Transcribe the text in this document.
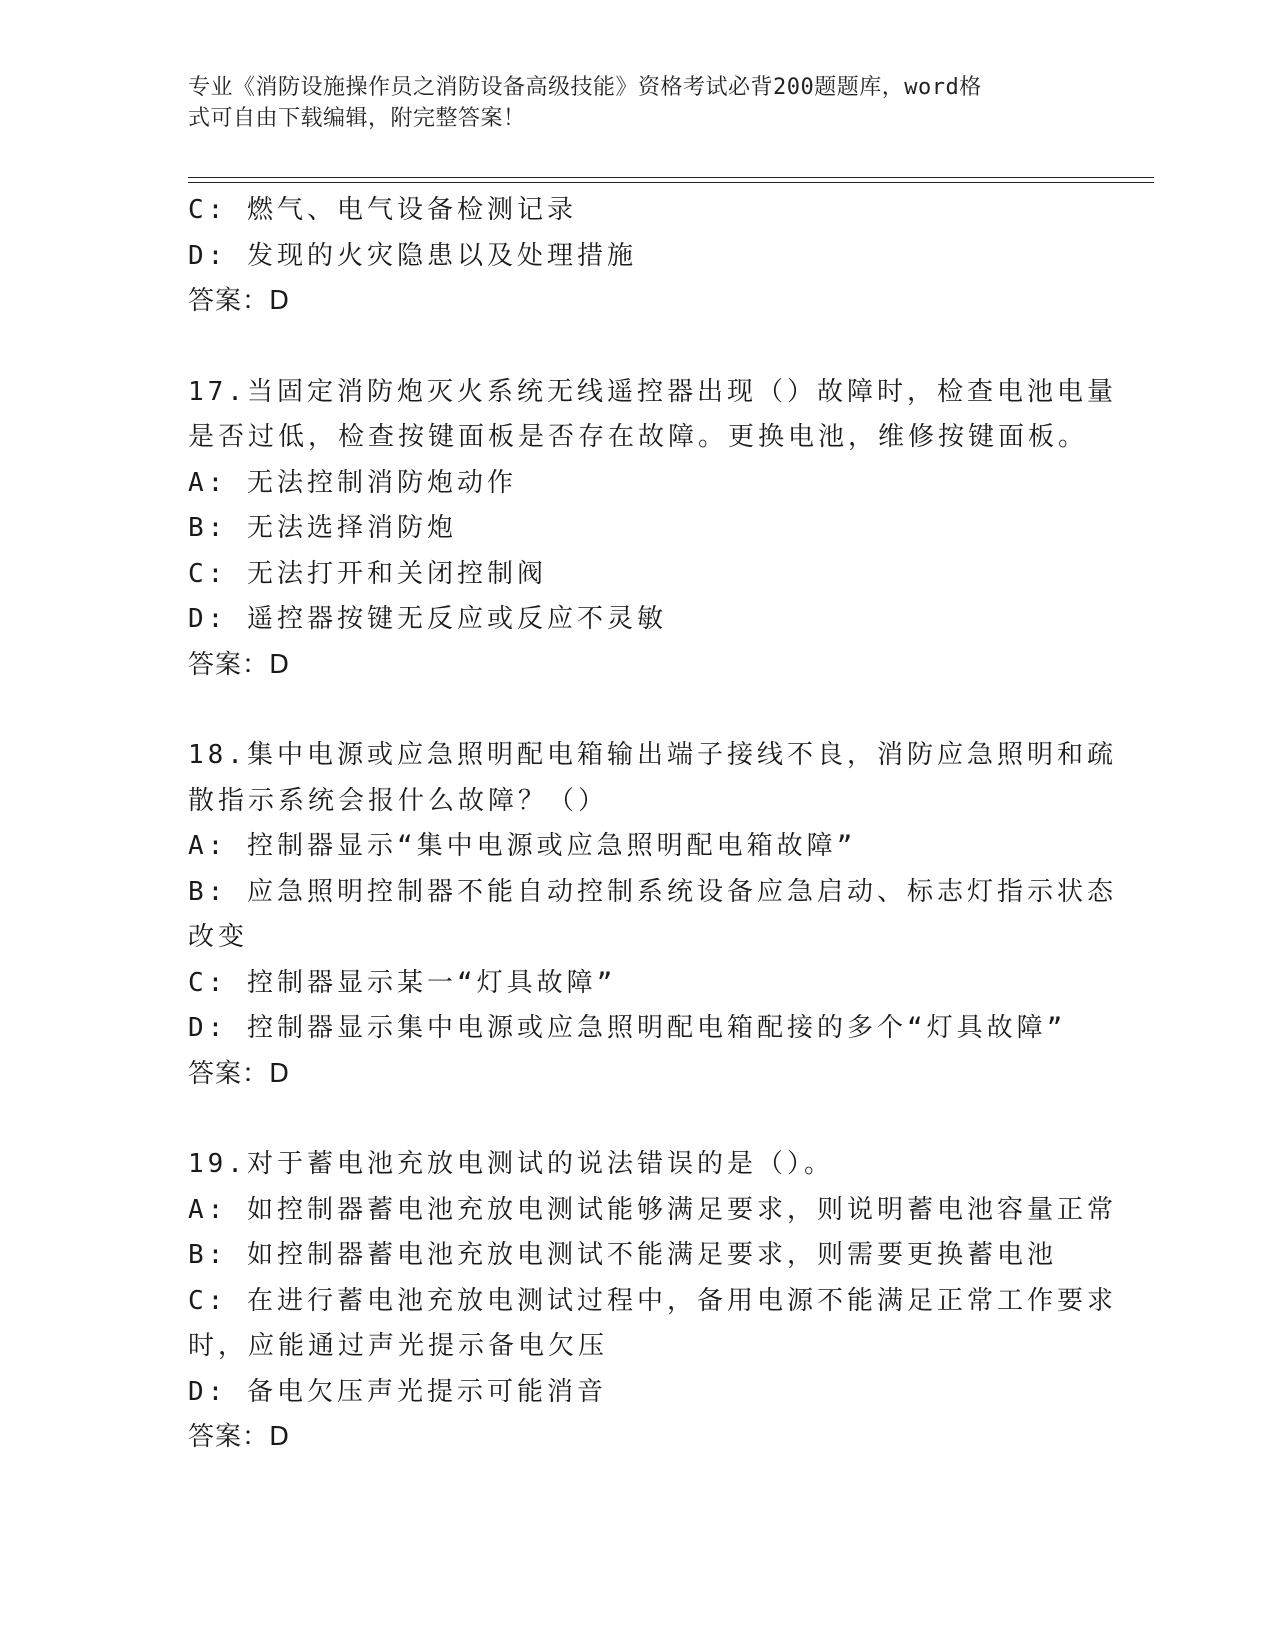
专业《消防设施操作员之消防设备高级技能》资格考试必背200题题库，word格
式可自由下载编辑，附完整答案！
C: 燃气、电气设备检测记录
D: 发现的火灾隐患以及处理措施
答案：D
17.当固定消防炮灭火系统无线遥控器出现（）故障时，检查电池电量
是否过低，检查按键面板是否存在故障。更换电池，维修按键面板。
A: 无法控制消防炮动作
B: 无法选择消防炮
C: 无法打开和关闭控制阀
D: 遥控器按键无反应或反应不灵敏
答案：D
18.集中电源或应急照明配电箱输出端子接线不良，消防应急照明和疏
散指示系统会报什么故障？（）
A: 控制器显示“集中电源或应急照明配电箱故障”
B: 应急照明控制器不能自动控制系统设备应急启动、标志灯指示状态
改变
C: 控制器显示某一“灯具故障”
D: 控制器显示集中电源或应急照明配电箱配接的多个“灯具故障”
答案：D
19.对于蓄电池充放电测试的说法错误的是（）。
A: 如控制器蓄电池充放电测试能够满足要求，则说明蓄电池容量正常
B: 如控制器蓄电池充放电测试不能满足要求，则需要更换蓄电池
C: 在进行蓄电池充放电测试过程中，备用电源不能满足正常工作要求
时，应能通过声光提示备电欠压
D: 备电欠压声光提示可能消音
答案：D
